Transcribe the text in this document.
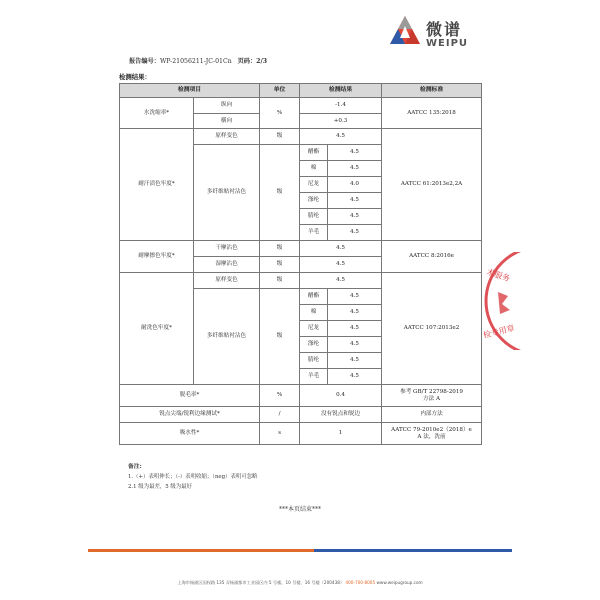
微谱
WEIPU
报告编号：WP-21056211-JC-01Cn 页码：2/3
检测结果：
检测项目		单位	检测结果		检测标准
水洗缩率*	纵向	%	-1.4		AATCC 135:2018
	横向		+0.3		
耐汗渍色牢度*	原样变色	级	4.5		AATCC 61:2013e2,2A
	多纤维贴衬沾色	级	醋酯	4.5	
			棉	4.5	
			尼龙	4.0	
			涤纶	4.5	
			腈纶	4.5	
			羊毛	4.5	
耐摩擦色牢度*	干摩沾色	级	4.5		AATCC 8:2016e
	湿摩沾色	级	4.5		
耐洗色牢度*	原样变色	级	4.5		AATCC 107:2013e2
	多纤维贴衬沾色	级	醋酯	4.5	
			棉	4.5	
			尼龙	4.5	
			涤纶	4.5	
			腈纶	4.5	
			羊毛	4.5	
脱毛率*		%	0.4		参考 GB/T 22798-2019
方法 A

锐点尖端/锐利边缘测试*		/	没有锐点和锐边		内部方法
吸水性*		s	1		AATCC 79-2010e2（2018）e
A 法，洗前
术服务
检专用章
备注:
1.（+）表明伸长；（-）表明收缩；（neg）表明可忽略
2.1 级为最差，5 级为最好
***本页结束***
上海市杨浦区国权路 135 弄杨浦都市工业园区内 5 号楼、10 号楼、16 号楼（200438） 400-700-8005 www.weipugroup.com
